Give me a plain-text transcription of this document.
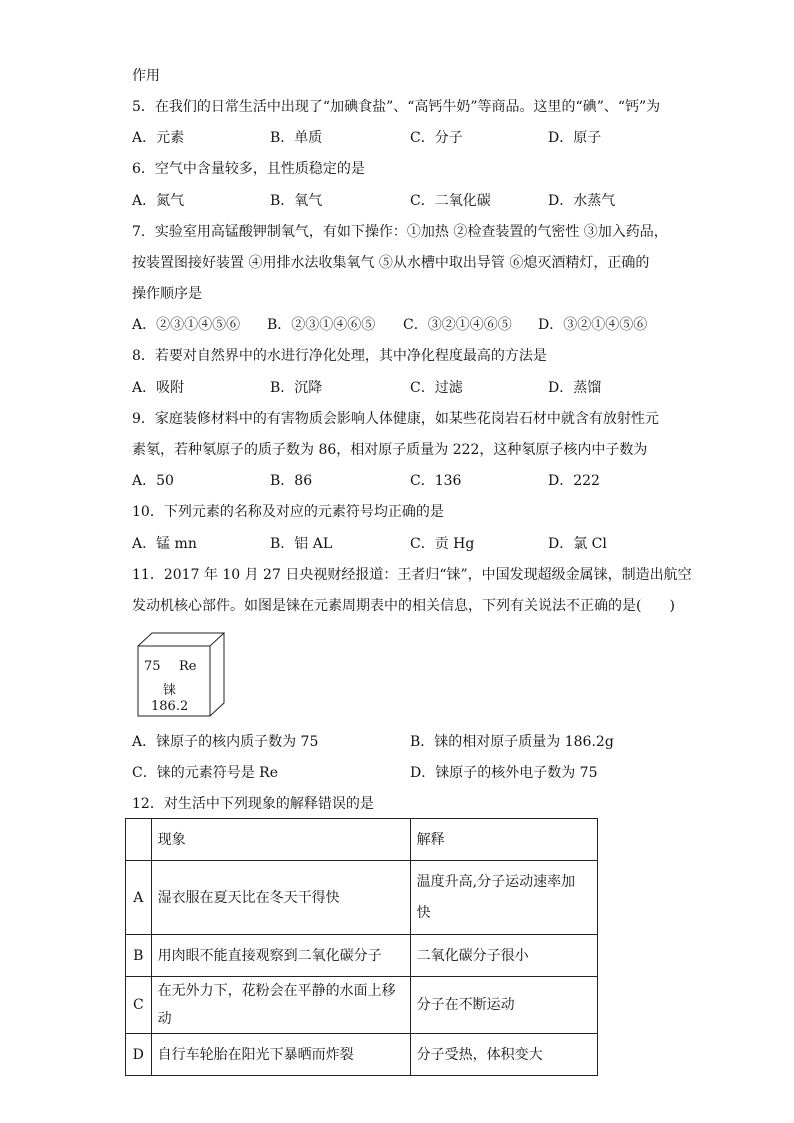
作用
5．在我们的日常生活中出现了“加碘食盐”、“高钙牛奶”等商品。这里的“碘”、“钙”为
A．元素	B．单质	C．分子	D．原子
6．空气中含量较多，且性质稳定的是
A．氮气	B．氧气	C．二氧化碳	D．水蒸气
7．实验室用高锰酸钾制氧气，有如下操作：①加热 ②检查装置的气密性 ③加入药品，
按装置图接好装置 ④用排水法收集氧气 ⑤从水槽中取出导管 ⑥熄灭酒精灯，正确的
操作顺序是
A．②③①④⑤⑥ B．②③①④⑥⑤ C．③②①④⑥⑤ D．③②①④⑤⑥
8．若要对自然界中的水进行净化处理，其中净化程度最高的方法是
A．吸附	B．沉降	C．过滤	D．蒸馏
9．家庭装修材料中的有害物质会影响人体健康，如某些花岗岩石材中就含有放射性元
素氡，若种氡原子的质子数为 86，相对原子质量为 222，这种氡原子核内中子数为
A．50	B．86	C．136	D．222
10．下列元素的名称及对应的元素符号均正确的是
A．锰 mn	B．铝 AL	C．贡 Hg	D．氯 Cl
11．2017 年 10 月 27 日央视财经报道：王者归“铼”，中国发现超级金属铼，制造出航空
发动机核心部件。如图是铼在元素周期表中的相关信息，下列有关说法不正确的是(　　)
75 Re
铼
186.2
A．铼原子的核内质子数为 75	B．铼的相对原子质量为 186.2g
C．铼的元素符号是 Re	D．铼原子的核外电子数为 75
12．对生活中下列现象的解释错误的是
	现象	解释
A	湿衣服在夏天比在冬天干得快	温度升高,分子运动速率加
快

B	用肉眼不能直接观察到二氧化碳分子	二氧化碳分子很小
C	在无外力下，花粉会在平静的水面上移动	分子在不断运动
D	自行车轮胎在阳光下暴晒而炸裂	分子受热，体积变大
